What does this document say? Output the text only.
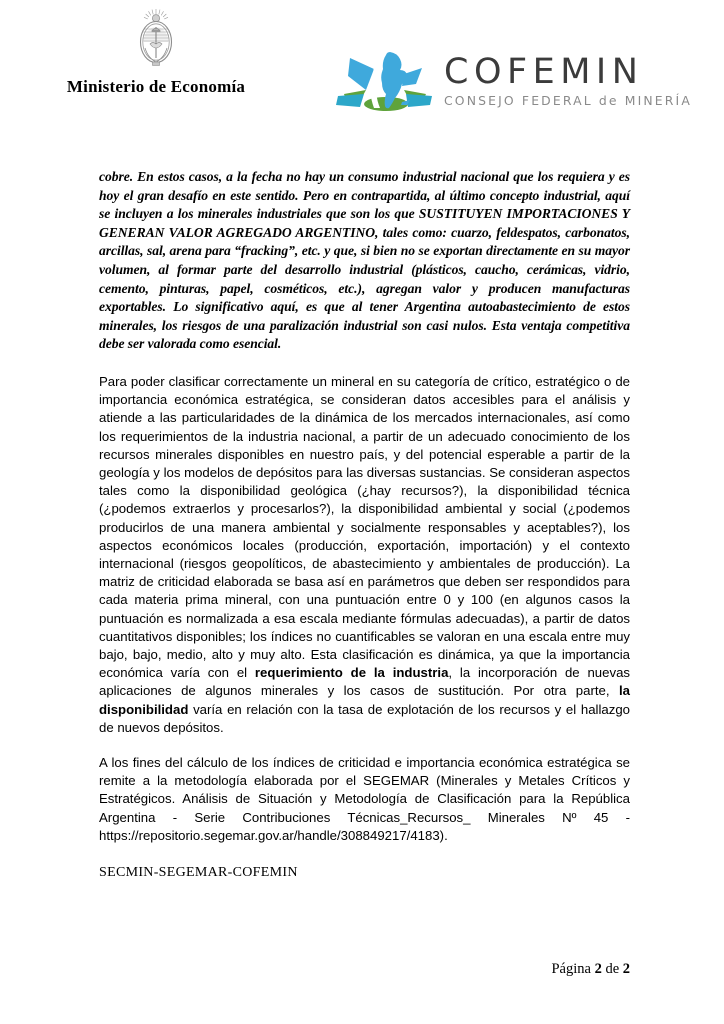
Ministerio de Economía	COFEMIN
CONSEJO FEDERAL de MINERÍA

cobre. En estos casos, a la fecha no hay un consumo industrial nacional que los requiera y es hoy el gran desafío en este sentido. Pero en contrapartida, al último concepto industrial, aquí se incluyen a los minerales industriales que son los que SUSTITUYEN IMPORTACIONES Y GENERAN VALOR AGREGADO ARGENTINO, tales como: cuarzo, feldespatos, carbonatos, arcillas, sal, arena para “fracking”, etc. y que, si bien no se exportan directamente en su mayor volumen, al formar parte del desarrollo industrial (plásticos, caucho, cerámicas, vidrio, cemento, pinturas, papel, cosméticos, etc.), agregan valor y producen manufacturas exportables. Lo significativo aquí, es que al tener Argentina autoabastecimiento de estos minerales, los riesgos de una paralización industrial son casi nulos. Esta ventaja competitiva debe ser valorada como esencial.

Para poder clasificar correctamente un mineral en su categoría de crítico, estratégico o de importancia económica estratégica, se consideran datos accesibles para el análisis y atiende a las particularidades de la dinámica de los mercados internacionales, así como los requerimientos de la industria nacional, a partir de un adecuado conocimiento de los recursos minerales disponibles en nuestro país, y del potencial esperable a partir de la geología y los modelos de depósitos para las diversas sustancias. Se consideran aspectos tales como la disponibilidad geológica (¿hay recursos?), la disponibilidad técnica (¿podemos extraerlos y procesarlos?), la disponibilidad ambiental y social (¿podemos producirlos de una manera ambiental y socialmente responsables y aceptables?), los aspectos económicos locales (producción, exportación, importación) y el contexto internacional (riesgos geopolíticos, de abastecimiento y ambientales de producción). La matriz de criticidad elaborada se basa así en parámetros que deben ser respondidos para cada materia prima mineral, con una puntuación entre 0 y 100 (en algunos casos la puntuación es normalizada a esa escala mediante fórmulas adecuadas), a partir de datos cuantitativos disponibles; los índices no cuantificables se valoran en una escala entre muy bajo, bajo, medio, alto y muy alto. Esta clasificación es dinámica, ya que la importancia económica varía con el requerimiento de la industria, la incorporación de nuevas aplicaciones de algunos minerales y los casos de sustitución. Por otra parte, la disponibilidad varía en relación con la tasa de explotación de los recursos y el hallazgo de nuevos depósitos.

A los fines del cálculo de los índices de criticidad e importancia económica estratégica se remite a la metodología elaborada por el SEGEMAR (Minerales y Metales Críticos y Estratégicos. Análisis de Situación y Metodología de Clasificación para la República Argentina - Serie Contribuciones Técnicas_Recursos_ Minerales Nº 45 - https://repositorio.segemar.gov.ar/handle/308849217/4183).

SECMIN-SEGEMAR-COFEMIN
Página 2 de 2
